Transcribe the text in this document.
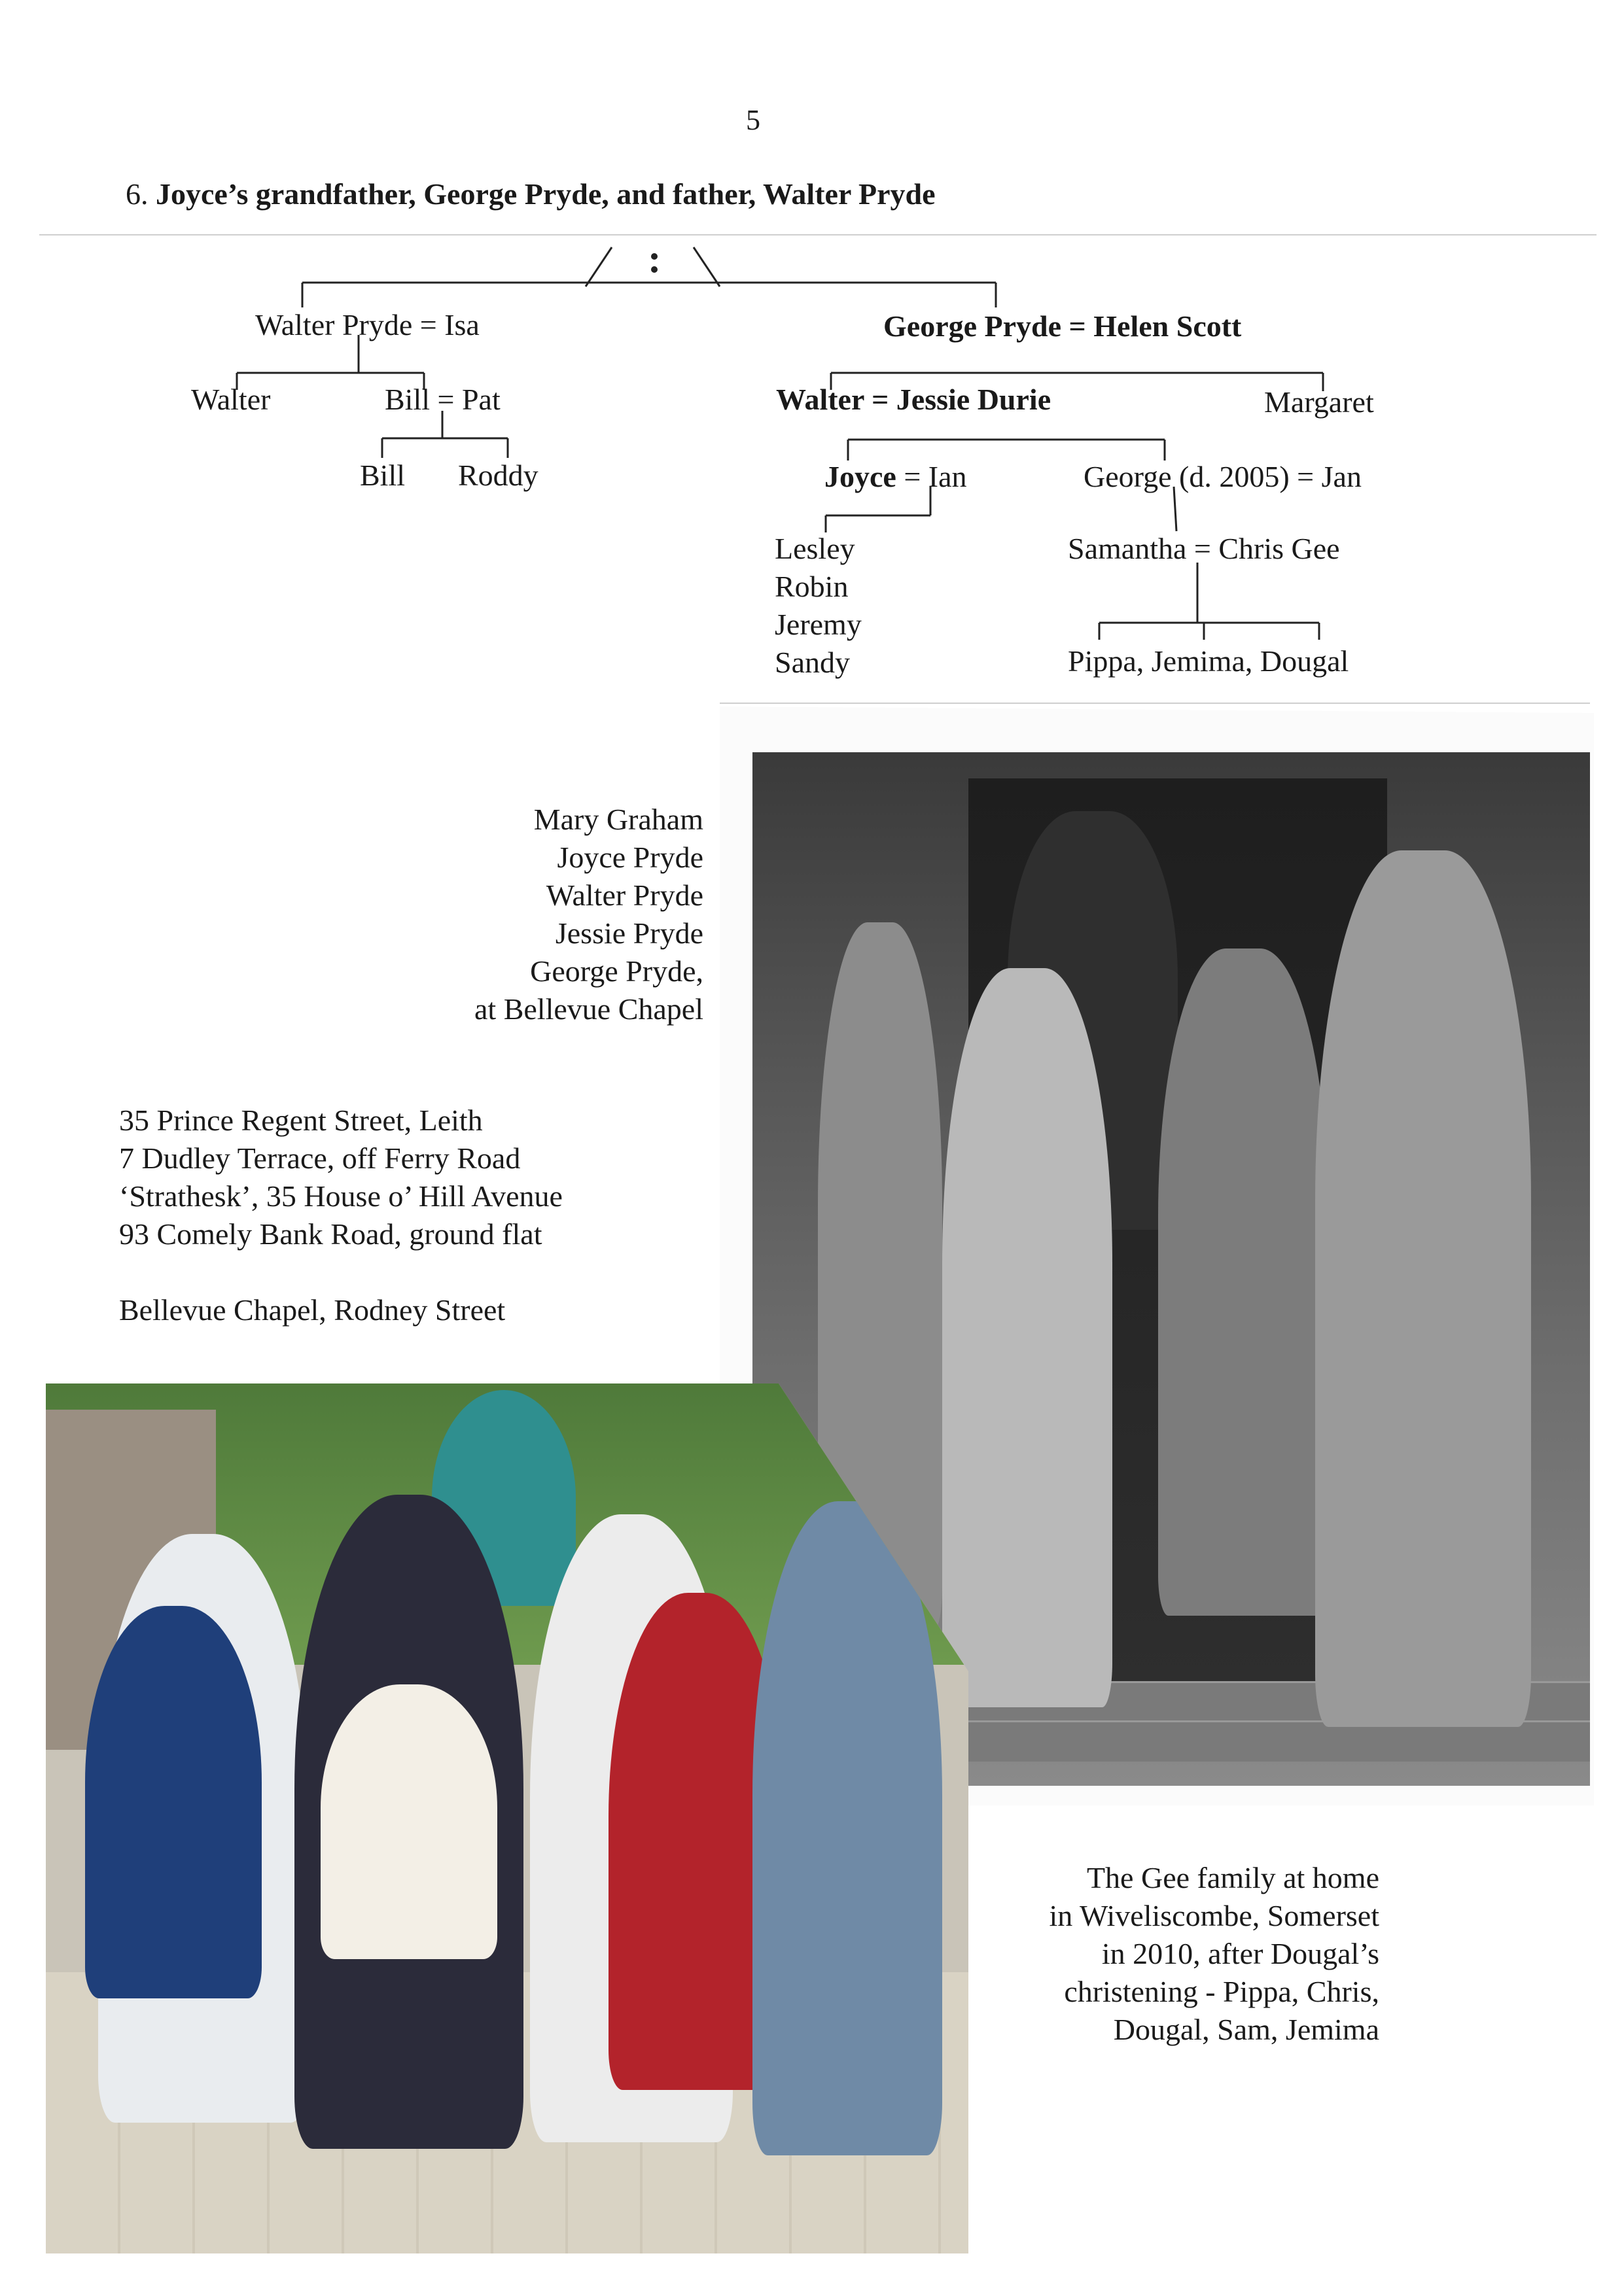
5
6. Joyce’s grandfather, George Pryde, and father, Walter Pryde
Walter Pryde = Isa
Walter	Bill = Pat
Bill Roddy
George Pryde = Helen Scott
Walter = Jessie Durie	Margaret
Joyce = Ian	George (d. 2005) = Jan
Lesley
Robin
Jeremy
Sandy
Samantha = Chris Gee
Pippa, Jemima, Dougal
Mary Graham
Joyce Pryde
Walter Pryde
Jessie Pryde
George Pryde,
at Bellevue Chapel
35 Prince Regent Street, Leith
7 Dudley Terrace, off Ferry Road
‘Strathesk’, 35 House o’ Hill Avenue
93 Comely Bank Road, ground flat
Bellevue Chapel, Rodney Street
The Gee family at home
in Wiveliscombe, Somerset
in 2010, after Dougal’s
christening - Pippa, Chris,
Dougal, Sam, Jemima
